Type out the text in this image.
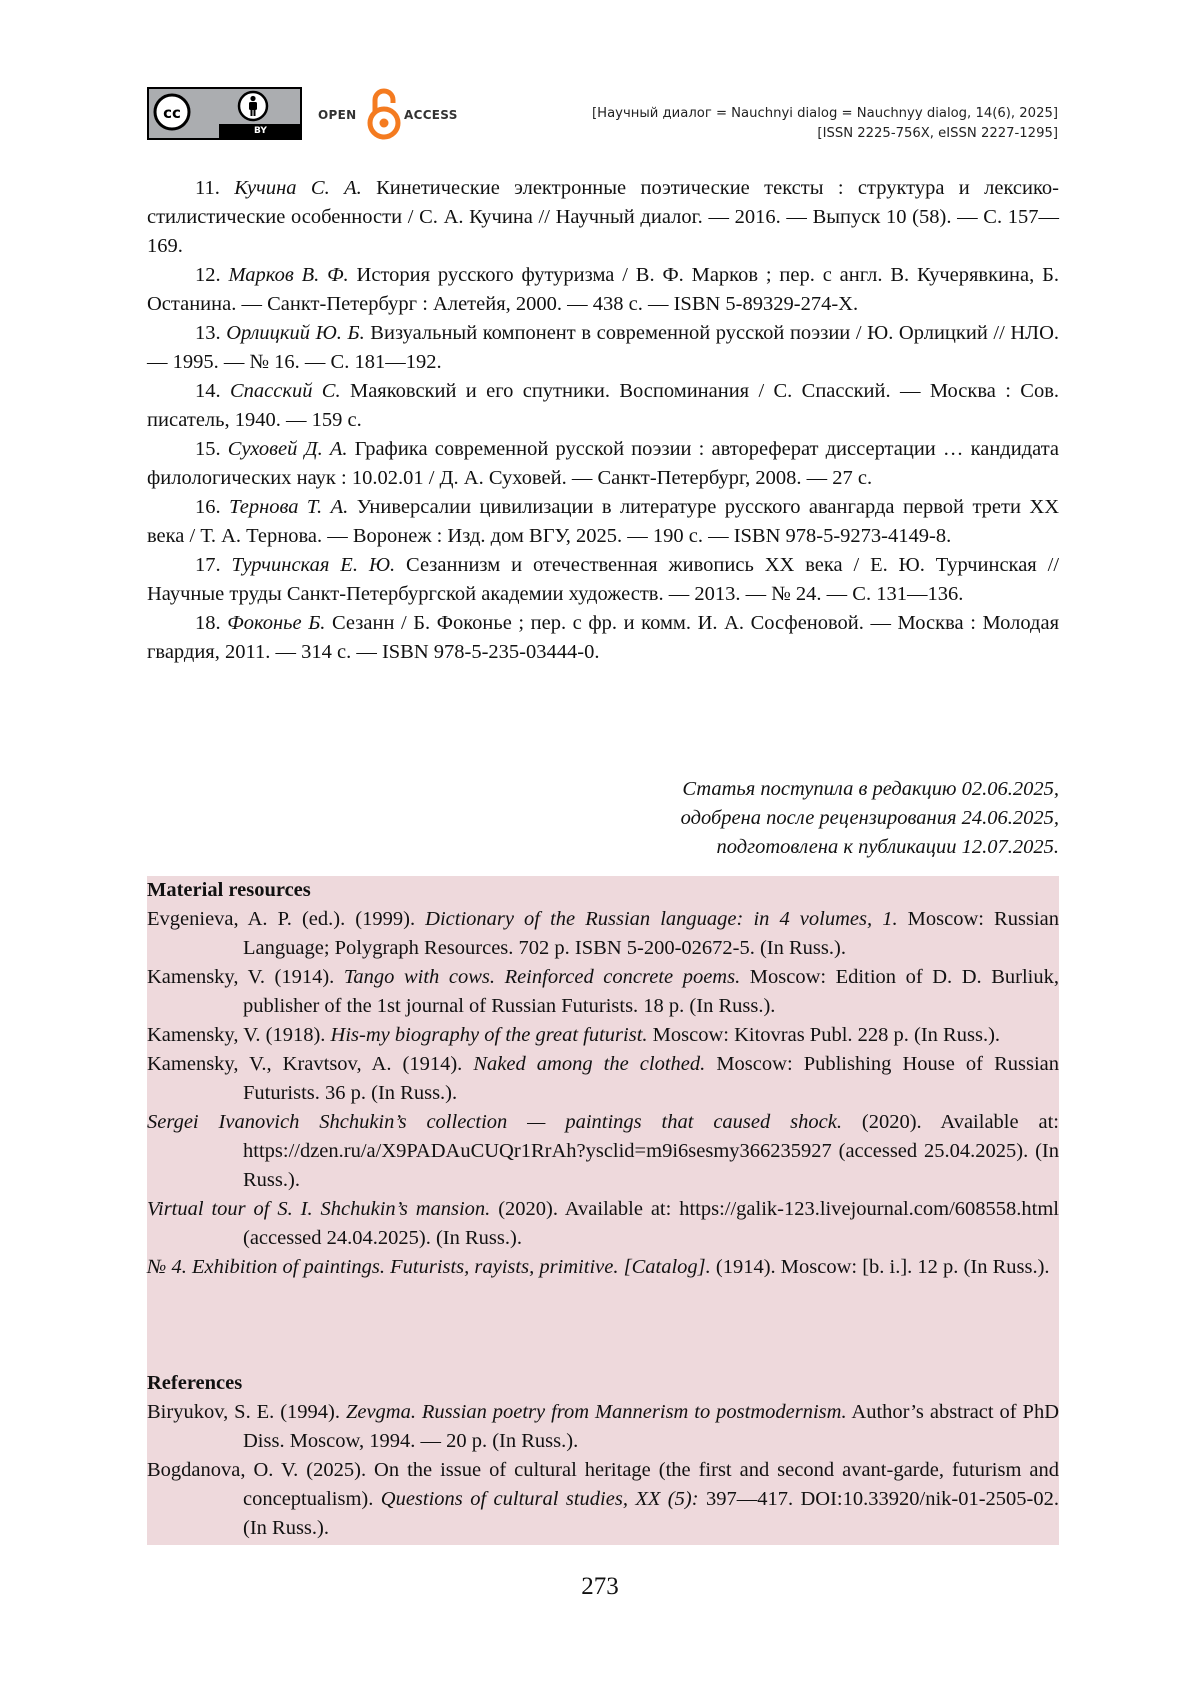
cc
BY
OPEN	ACCESS	[Научный диалог = Nauchnyi dialog = Nauchnyy dialog, 14(6), 2025]
[ISSN 2225-756X, eISSN 2227-1295]
11. Кучина С. А. Кинетические электронные поэтические тексты : структура и лексико-стилистические особенности / С. А. Кучина // Научный диалог. — 2016. — Выпуск 10 (58). — С. 157—169.
12. Марков В. Ф. История русского футуризма / В. Ф. Марков ; пер. с англ. В. Кучерявкина, Б. Останина. — Санкт-Петербург : Алетейя, 2000. — 438 с. — ISBN 5-89329-274-X.
13. Орлицкий Ю. Б. Визуальный компонент в современной русской поэзии / Ю. Орлицкий // НЛО. — 1995. — № 16. — С. 181—192.
14. Спасский С. Маяковский и его спутники. Воспоминания / С. Спасский. — Москва : Сов. писатель, 1940. — 159 с.
15. Суховей Д. А. Графика современной русской поэзии : автореферат диссертации … кандидата филологических наук : 10.02.01 / Д. А. Суховей. — Санкт-Петербург, 2008. — 27 с.
16. Тернова Т. А. Универсалии цивилизации в литературе русского авангарда первой трети XX века / Т. А. Тернова. — Воронеж : Изд. дом ВГУ, 2025. — 190 с. — ISBN 978-5-9273-4149-8.
17. Турчинская Е. Ю. Сезаннизм и отечественная живопись XX века / Е. Ю. Турчинская // Научные труды Санкт-Петербургской академии художеств. — 2013. — № 24. — С. 131—136.
18. Фоконье Б. Сезанн / Б. Фоконье ; пер. с фр. и комм. И. А. Сосфеновой. — Москва : Молодая гвардия, 2011. — 314 с. — ISBN 978-5-235-03444-0.
Статья поступила в редакцию 02.06.2025,
одобрена после рецензирования 24.06.2025,
подготовлена к публикации 12.07.2025.
Material resources
Evgenieva, A. P. (ed.). (1999). Dictionary of the Russian language: in 4 volumes, 1. Moscow: Russian Language; Polygraph Resources. 702 p. ISBN 5-200-02672-5. (In Russ.).
Kamensky, V. (1914). Tango with cows. Reinforced concrete poems. Moscow: Edition of D. D. Burliuk, publisher of the 1st journal of Russian Futurists. 18 p. (In Russ.).
Kamensky, V. (1918). His-my biography of the great futurist. Moscow: Kitovras Publ. 228 p. (In Russ.).
Kamensky, V., Kravtsov, A. (1914). Naked among the clothed. Moscow: Publishing House of Russian Futurists. 36 p. (In Russ.).
Sergei Ivanovich Shchukin’s collection — paintings that caused shock. (2020). Available at: https://dzen.ru/a/X9PADAuCUQr1RrAh?ysclid=m9i6sesmy366235927 (accessed 25.04.2025). (In Russ.).
Virtual tour of S. I. Shchukin’s mansion. (2020). Available at: https://galik-123.livejournal.com/608558.html (accessed 24.04.2025). (In Russ.).
№ 4. Exhibition of paintings. Futurists, rayists, primitive. [Catalog]. (1914). Moscow: [b. i.]. 12 p. (In Russ.).
References
Biryukov, S. E. (1994). Zevgma. Russian poetry from Mannerism to postmodernism. Author’s abstract of PhD Diss. Moscow, 1994. — 20 p. (In Russ.).
Bogdanova, O. V. (2025). On the issue of cultural heritage (the first and second avant-garde, futurism and conceptualism). Questions of cultural studies, XX (5): 397—417. DOI:10.33920/nik-01-2505-02. (In Russ.).
273
